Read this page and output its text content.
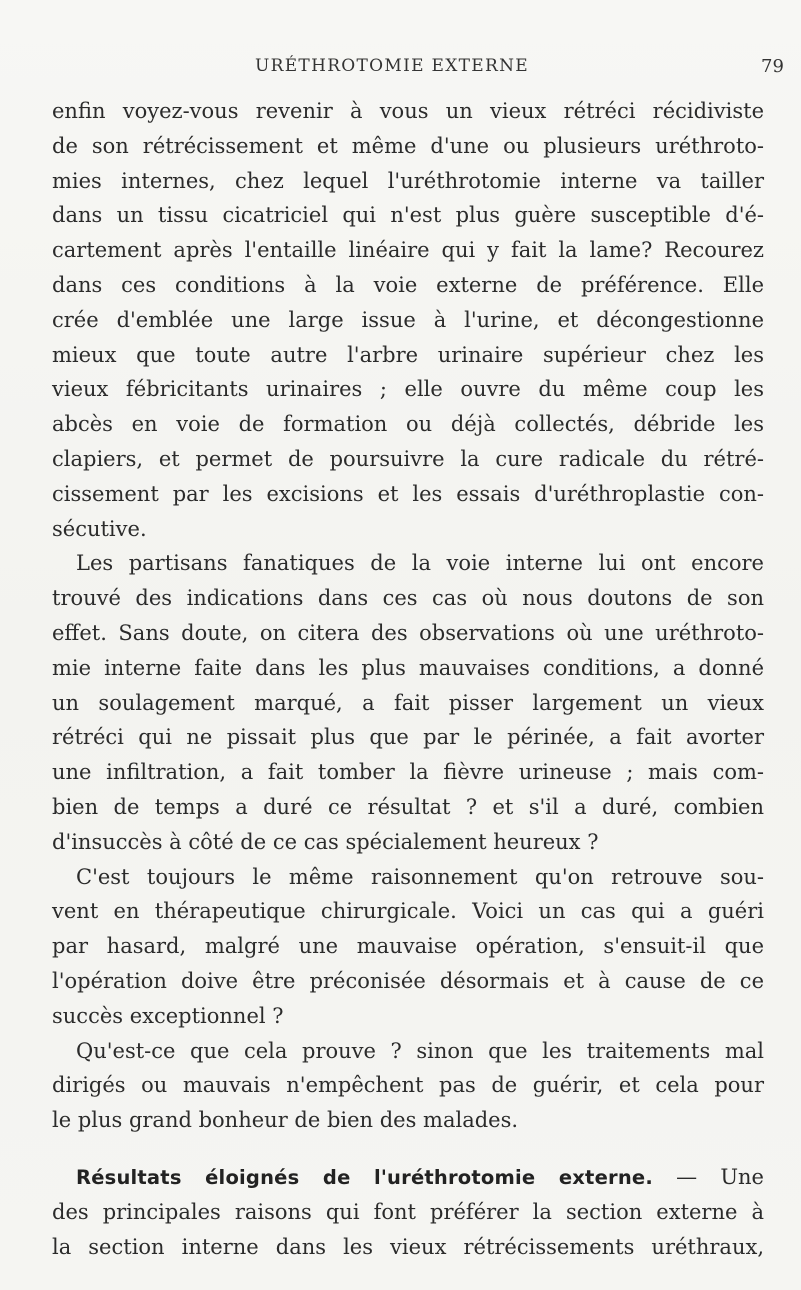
URÉTHROTOMIE EXTERNE	79
enfin voyez-vous revenir à vous un vieux rétréci récidiviste
de son rétrécissement et même d'une ou plusieurs uréthroto-
mies internes, chez lequel l'uréthrotomie interne va tailler
dans un tissu cicatriciel qui n'est plus guère susceptible d'é-
cartement après l'entaille linéaire qui y fait la lame? Recourez
dans ces conditions à la voie externe de préférence. Elle
crée d'emblée une large issue à l'urine, et décongestionne
mieux que toute autre l'arbre urinaire supérieur chez les
vieux fébricitants urinaires ; elle ouvre du même coup les
abcès en voie de formation ou déjà collectés, débride les
clapiers, et permet de poursuivre la cure radicale du rétré-
cissement par les excisions et les essais d'uréthroplastie con-
sécutive.
Les partisans fanatiques de la voie interne lui ont encore
trouvé des indications dans ces cas où nous doutons de son
effet. Sans doute, on citera des observations où une uréthroto-
mie interne faite dans les plus mauvaises conditions, a donné
un soulagement marqué, a fait pisser largement un vieux
rétréci qui ne pissait plus que par le périnée, a fait avorter
une infiltration, a fait tomber la fièvre urineuse ; mais com-
bien de temps a duré ce résultat ? et s'il a duré, combien
d'insuccès à côté de ce cas spécialement heureux ?
C'est toujours le même raisonnement qu'on retrouve sou-
vent en thérapeutique chirurgicale. Voici un cas qui a guéri
par hasard, malgré une mauvaise opération, s'ensuit-il que
l'opération doive être préconisée désormais et à cause de ce
succès exceptionnel ?
Qu'est-ce que cela prouve ? sinon que les traitements mal
dirigés ou mauvais n'empêchent pas de guérir, et cela pour
le plus grand bonheur de bien des malades.
Résultats éloignés de l'uréthrotomie externe. — Une
des principales raisons qui font préférer la section externe à
la section interne dans les vieux rétrécissements uréthraux,
